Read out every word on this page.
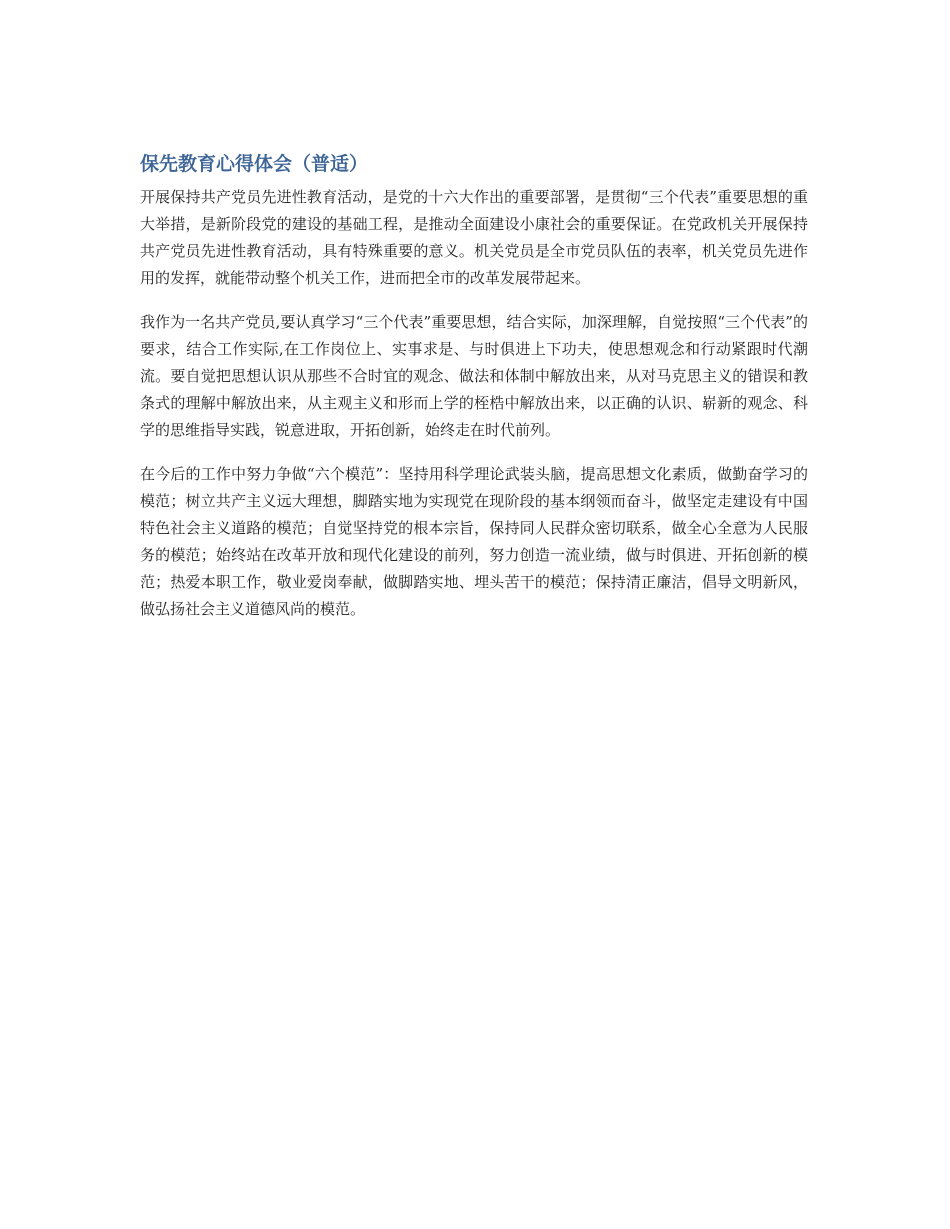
保先教育心得体会（普适）

开展保持共产党员先进性教育活动，是党的十六大作出的重要部署，是贯彻“三个代表”重要思想的重大举措，是新阶段党的建设的基础工程，是推动全面建设小康社会的重要保证。在党政机关开展保持共产党员先进性教育活动，具有特殊重要的意义。机关党员是全市党员队伍的表率，机关党员先进作用的发挥，就能带动整个机关工作，进而把全市的改革发展带起来。

我作为一名共产党员,要认真学习“三个代表”重要思想，结合实际，加深理解，自觉按照“三个代表”的要求，结合工作实际,在工作岗位上、实事求是、与时俱进上下功夫，使思想观念和行动紧跟时代潮流。要自觉把思想认识从那些不合时宜的观念、做法和体制中解放出来，从对马克思主义的错误和教条式的理解中解放出来，从主观主义和形而上学的桎梏中解放出来，以正确的认识、崭新的观念、科学的思维指导实践，锐意进取，开拓创新，始终走在时代前列。

在今后的工作中努力争做“六个模范”：坚持用科学理论武装头脑，提高思想文化素质，做勤奋学习的模范；树立共产主义远大理想，脚踏实地为实现党在现阶段的基本纲领而奋斗，做坚定走建设有中国特色社会主义道路的模范；自觉坚持党的根本宗旨，保持同人民群众密切联系，做全心全意为人民服务的模范；始终站在改革开放和现代化建设的前列，努力创造一流业绩，做与时俱进、开拓创新的模范；热爱本职工作，敬业爱岗奉献，做脚踏实地、埋头苦干的模范；保持清正廉洁，倡导文明新风，做弘扬社会主义道德风尚的模范。
